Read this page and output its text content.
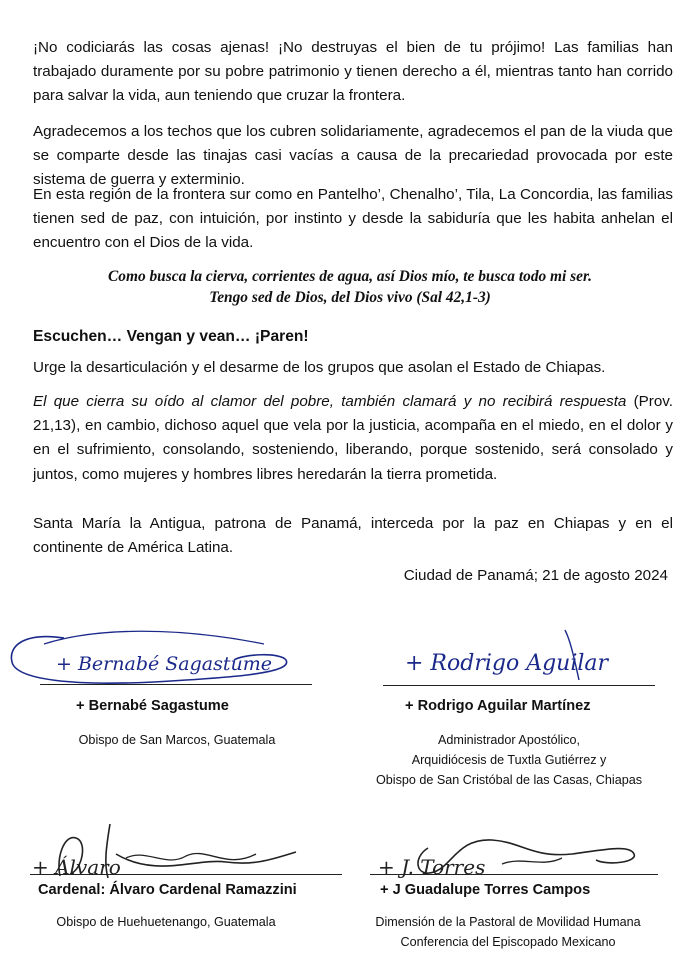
¡No codiciarás las cosas ajenas! ¡No destruyas el bien de tu prójimo! Las familias han trabajado duramente por su pobre patrimonio y tienen derecho a él, mientras tanto han corrido para salvar la vida, aun teniendo que cruzar la frontera.
Agradecemos a los techos que los cubren solidariamente, agradecemos el pan de la viuda que se comparte desde las tinajas casi vacías a causa de la precariedad provocada por este sistema de guerra y exterminio.
En esta región de la frontera sur como en Pantelho’, Chenalho’, Tila, La Concordia, las familias tienen sed de paz, con intuición, por instinto y desde la sabiduría que les habita anhelan el encuentro con el Dios de la vida.
Como busca la cierva, corrientes de agua, así Dios mío, te busca todo mi ser.
Tengo sed de Dios, del Dios vivo (Sal 42,1-3)
Escuchen… Vengan y vean… ¡Paren!
Urge la desarticulación y el desarme de los grupos que asolan el Estado de Chiapas.
El que cierra su oído al clamor del pobre, también clamará y no recibirá respuesta (Prov. 21,13), en cambio, dichoso aquel que vela por la justicia, acompaña en el miedo, en el dolor y en el sufrimiento, consolando, sosteniendo, liberando, porque sostenido, será consolado y juntos, como mujeres y hombres libres heredarán la tierra prometida.
Santa María la Antigua, patrona de Panamá, interceda por la paz en Chiapas y en el continente de América Latina.
Ciudad de Panamá; 21 de agosto 2024
+ Bernabé Sagastume
+ Bernabé Sagastume
Obispo de San Marcos, Guatemala
+ Rodrigo Aguilar
+ Rodrigo Aguilar Martínez
Administrador Apostólico,
Arquidiócesis de Tuxtla Gutiérrez y
Obispo de San Cristóbal de las Casas, Chiapas
+ Álvaro
Cardenal: Álvaro Cardenal Ramazzini
Obispo de Huehuetenango, Guatemala
+ J. Torres
+ J Guadalupe Torres Campos
Dimensión de la Pastoral de Movilidad Humana
Conferencia del Episcopado Mexicano
